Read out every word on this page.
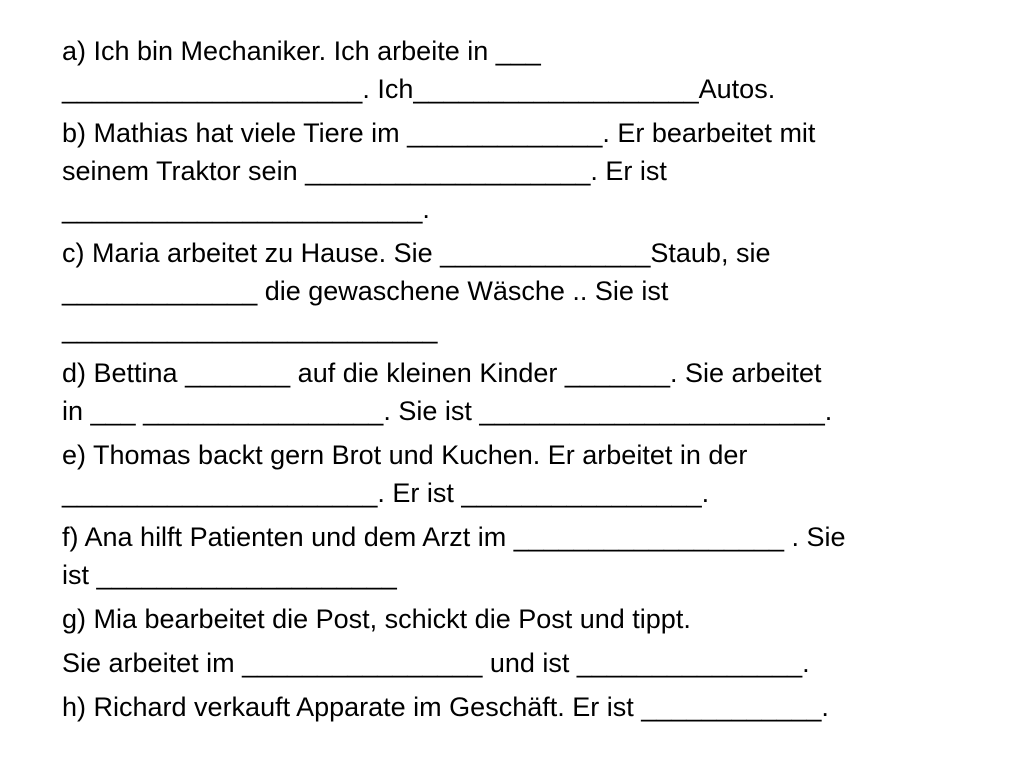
a) Ich bin Mechaniker. Ich arbeite in ___
____________________. Ich___________________Autos.
b) Mathias hat viele Tiere im _____________. Er bearbeitet mit
seinem Traktor sein ___________________. Er ist
________________________.
c) Maria arbeitet zu Hause. Sie ______________Staub, sie
_____________ die gewaschene Wäsche .. Sie ist
_________________________
d) Bettina _______ auf die kleinen Kinder _______. Sie arbeitet
in ___ ________________. Sie ist _______________________.
e) Thomas backt gern Brot und Kuchen. Er arbeitet in der
_____________________. Er ist ________________.
f) Ana hilft Patienten und dem Arzt im __________________ . Sie
ist ____________________
g) Mia bearbeitet die Post, schickt die Post und tippt.
Sie arbeitet im ________________ und ist _______________.
h) Richard verkauft Apparate im Geschäft. Er ist ____________.
